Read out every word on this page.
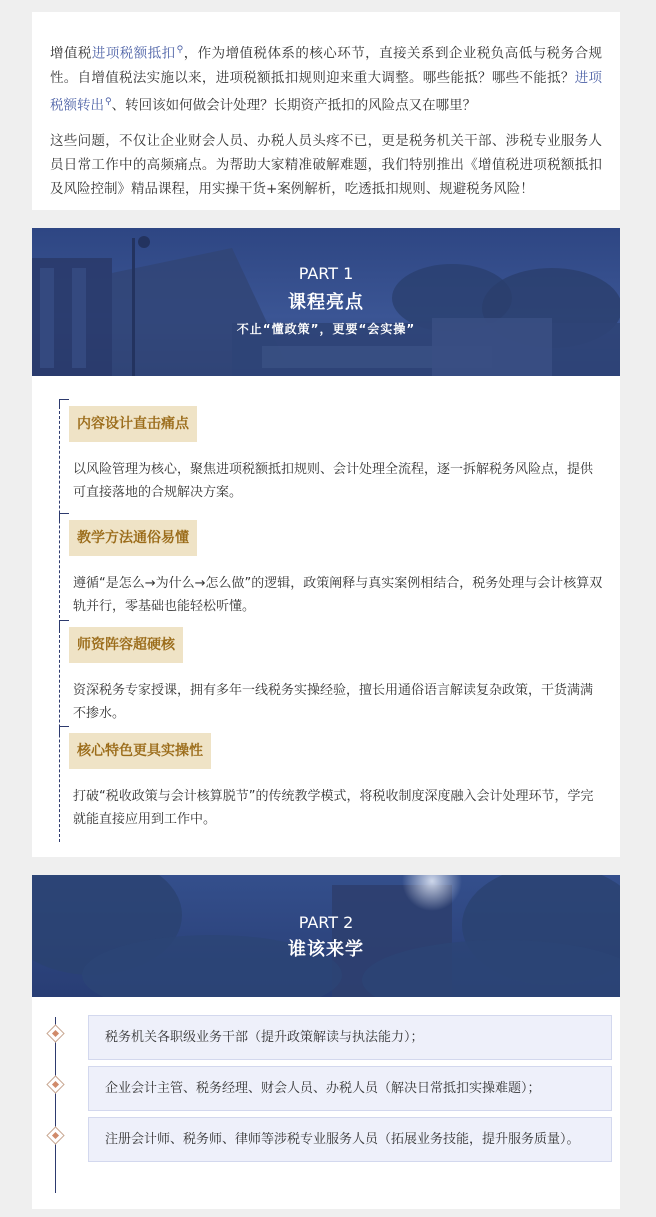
增值税进项税额抵扣⚲，作为增值税体系的核心环节，直接关系到企业税负高低与税务合规性。自增值税法实施以来，进项税额抵扣规则迎来重大调整。哪些能抵？哪些不能抵？进项税额转出⚲、转回该如何做会计处理？长期资产抵扣的风险点又在哪里？

这些问题，不仅让企业财会人员、办税人员头疼不已，更是税务机关干部、涉税专业服务人员日常工作中的高频痛点。为帮助大家精准破解难题，我们特别推出《增值税进项税额抵扣及风险控制》精品课程，用实操干货+案例解析，吃透抵扣规则、规避税务风险！

PART 1
课程亮点
不止“懂政策”，更要“会实操”
内容设计直击痛点
以风险管理为核心，聚焦进项税额抵扣规则、会计处理全流程，逐一拆解税务风险点，提供可直接落地的合规解决方案。
教学方法通俗易懂
遵循“是怎么→为什么→怎么做”的逻辑，政策阐释与真实案例相结合，税务处理与会计核算双轨并行，零基础也能轻松听懂。
师资阵容超硬核
资深税务专家授课，拥有多年一线税务实操经验，擅长用通俗语言解读复杂政策，干货满满不掺水。
核心特色更具实操性
打破“税收政策与会计核算脱节”的传统教学模式，将税收制度深度融入会计处理环节，学完就能直接应用到工作中。
PART 2
谁该来学
税务机关各职级业务干部（提升政策解读与执法能力）；
企业会计主管、税务经理、财会人员、办税人员（解决日常抵扣实操难题）；
注册会计师、税务师、律师等涉税专业服务人员（拓展业务技能，提升服务质量）。
